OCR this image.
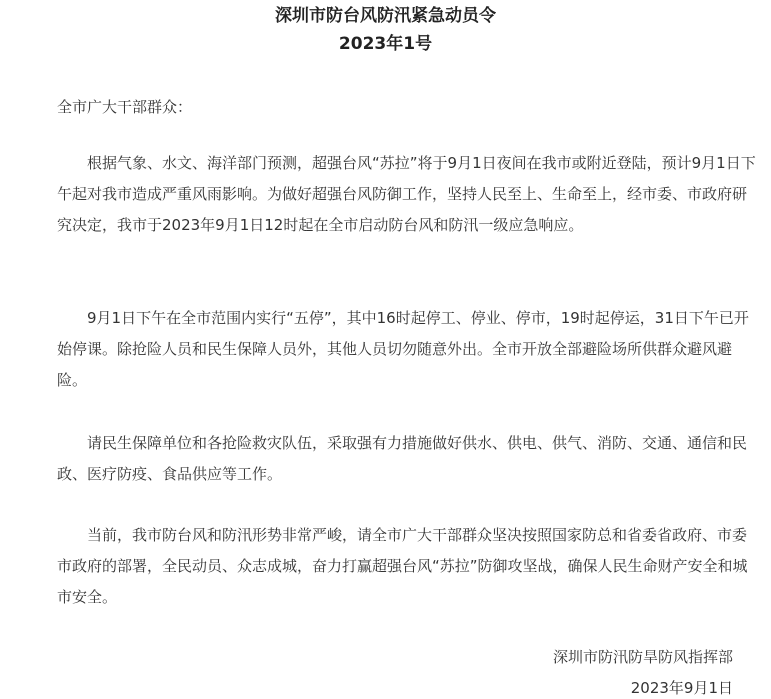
深圳市防台风防汛紧急动员令
2023年1号
全市广大干部群众：

根据气象、水文、海洋部门预测，超强台风“苏拉”将于9月1日夜间在我市或附近登陆，预计9月1日下午起对我市造成严重风雨影响。为做好超强台风防御工作，坚持人民至上、生命至上，经市委、市政府研究决定，我市于2023年9月1日12时起在全市启动防台风和防汛一级应急响应。

9月1日下午在全市范围内实行“五停”，其中16时起停工、停业、停市，19时起停运，31日下午已开始停课。除抢险人员和民生保障人员外，其他人员切勿随意外出。全市开放全部避险场所供群众避风避险。

请民生保障单位和各抢险救灾队伍，采取强有力措施做好供水、供电、供气、消防、交通、通信和民政、医疗防疫、食品供应等工作。

当前，我市防台风和防汛形势非常严峻，请全市广大干部群众坚决按照国家防总和省委省政府、市委市政府的部署，全民动员、众志成城，奋力打赢超强台风“苏拉”防御攻坚战，确保人民生命财产安全和城市安全。

深圳市防汛防旱防风指挥部
2023年9月1日
